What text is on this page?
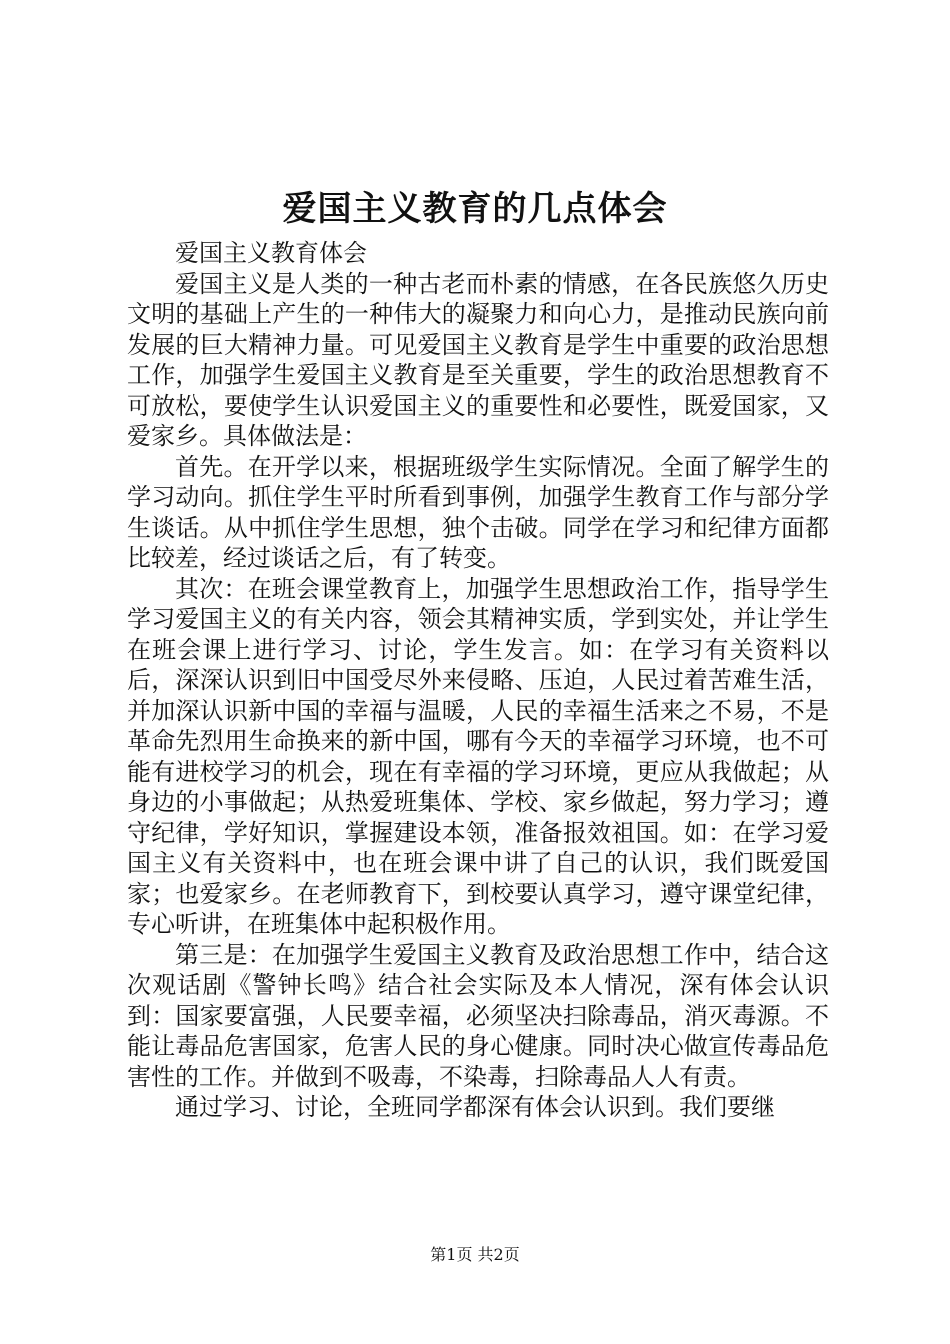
爱国主义教育的几点体会

爱国主义教育体会

爱国主义是人类的一种古老而朴素的情感，在各民族悠久历史文明的基础上产生的一种伟大的凝聚力和向心力，是推动民族向前发展的巨大精神力量。可见爱国主义教育是学生中重要的政治思想工作，加强学生爱国主义教育是至关重要，学生的政治思想教育不可放松，要使学生认识爱国主义的重要性和必要性，既爱国家，又爱家乡。具体做法是：

首先。在开学以来，根据班级学生实际情况。全面了解学生的学习动向。抓住学生平时所看到事例，加强学生教育工作与部分学生谈话。从中抓住学生思想，独个击破。同学在学习和纪律方面都比较差，经过谈话之后，有了转变。

其次：在班会课堂教育上，加强学生思想政治工作，指导学生学习爱国主义的有关内容，领会其精神实质，学到实处，并让学生在班会课上进行学习、讨论，学生发言。如：在学习有关资料以后，深深认识到旧中国受尽外来侵略、压迫，人民过着苦难生活，并加深认识新中国的幸福与温暖，人民的幸福生活来之不易，不是革命先烈用生命换来的新中国，哪有今天的幸福学习环境，也不可能有进校学习的机会，现在有幸福的学习环境，更应从我做起；从身边的小事做起；从热爱班集体、学校、家乡做起，努力学习；遵守纪律，学好知识，掌握建设本领，准备报效祖国。如：在学习爱国主义有关资料中，也在班会课中讲了自己的认识，我们既爱国家；也爱家乡。在老师教育下，到校要认真学习，遵守课堂纪律，专心听讲，在班集体中起积极作用。

第三是：在加强学生爱国主义教育及政治思想工作中，结合这次观话剧《警钟长鸣》结合社会实际及本人情况，深有体会认识到：国家要富强，人民要幸福，必须坚决扫除毒品，消灭毒源。不能让毒品危害国家，危害人民的身心健康。同时决心做宣传毒品危害性的工作。并做到不吸毒，不染毒，扫除毒品人人有责。

通过学习、讨论，全班同学都深有体会认识到。我们要继

第1页 共2页
